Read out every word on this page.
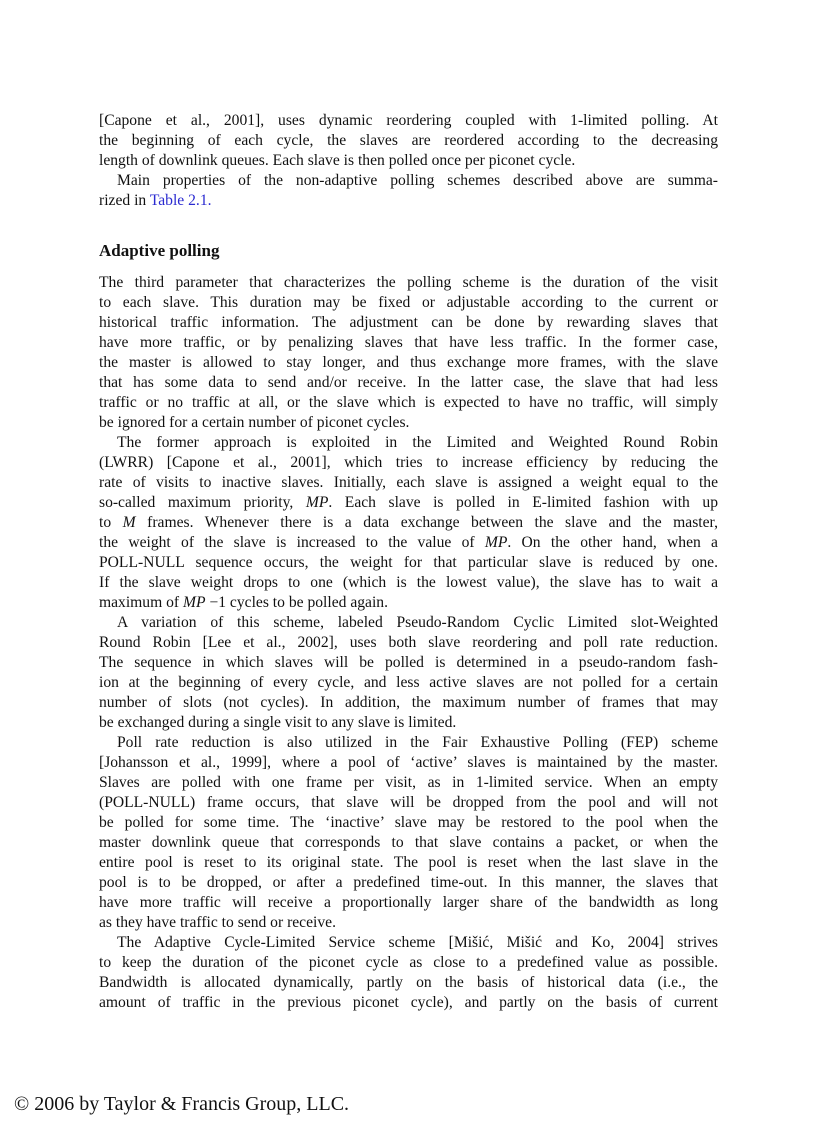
[Capone et al., 2001], uses dynamic reordering coupled with 1-limited polling. At
the beginning of each cycle, the slaves are reordered according to the decreasing
length of downlink queues. Each slave is then polled once per piconet cycle.
Main properties of the non-adaptive polling schemes described above are summa-
rized in Table 2.1.
Adaptive polling
The third parameter that characterizes the polling scheme is the duration of the visit
to each slave. This duration may be fixed or adjustable according to the current or
historical traffic information. The adjustment can be done by rewarding slaves that
have more traffic, or by penalizing slaves that have less traffic. In the former case,
the master is allowed to stay longer, and thus exchange more frames, with the slave
that has some data to send and/or receive. In the latter case, the slave that had less
traffic or no traffic at all, or the slave which is expected to have no traffic, will simply
be ignored for a certain number of piconet cycles.
The former approach is exploited in the Limited and Weighted Round Robin
(LWRR) [Capone et al., 2001], which tries to increase efficiency by reducing the
rate of visits to inactive slaves. Initially, each slave is assigned a weight equal to the
so-called maximum priority, MP. Each slave is polled in E-limited fashion with up
to M frames. Whenever there is a data exchange between the slave and the master,
the weight of the slave is increased to the value of MP. On the other hand, when a
POLL-NULL sequence occurs, the weight for that particular slave is reduced by one.
If the slave weight drops to one (which is the lowest value), the slave has to wait a
maximum of MP −1 cycles to be polled again.
A variation of this scheme, labeled Pseudo-Random Cyclic Limited slot-Weighted
Round Robin [Lee et al., 2002], uses both slave reordering and poll rate reduction.
The sequence in which slaves will be polled is determined in a pseudo-random fash-
ion at the beginning of every cycle, and less active slaves are not polled for a certain
number of slots (not cycles). In addition, the maximum number of frames that may
be exchanged during a single visit to any slave is limited.
Poll rate reduction is also utilized in the Fair Exhaustive Polling (FEP) scheme
[Johansson et al., 1999], where a pool of ‘active’ slaves is maintained by the master.
Slaves are polled with one frame per visit, as in 1-limited service. When an empty
(POLL-NULL) frame occurs, that slave will be dropped from the pool and will not
be polled for some time. The ‘inactive’ slave may be restored to the pool when the
master downlink queue that corresponds to that slave contains a packet, or when the
entire pool is reset to its original state. The pool is reset when the last slave in the
pool is to be dropped, or after a predefined time-out. In this manner, the slaves that
have more traffic will receive a proportionally larger share of the bandwidth as long
as they have traffic to send or receive.
The Adaptive Cycle-Limited Service scheme [Mišić, Mišić and Ko, 2004] strives
to keep the duration of the piconet cycle as close to a predefined value as possible.
Bandwidth is allocated dynamically, partly on the basis of historical data (i.e., the
amount of traffic in the previous piconet cycle), and partly on the basis of current
© 2006 by Taylor & Francis Group, LLC.
